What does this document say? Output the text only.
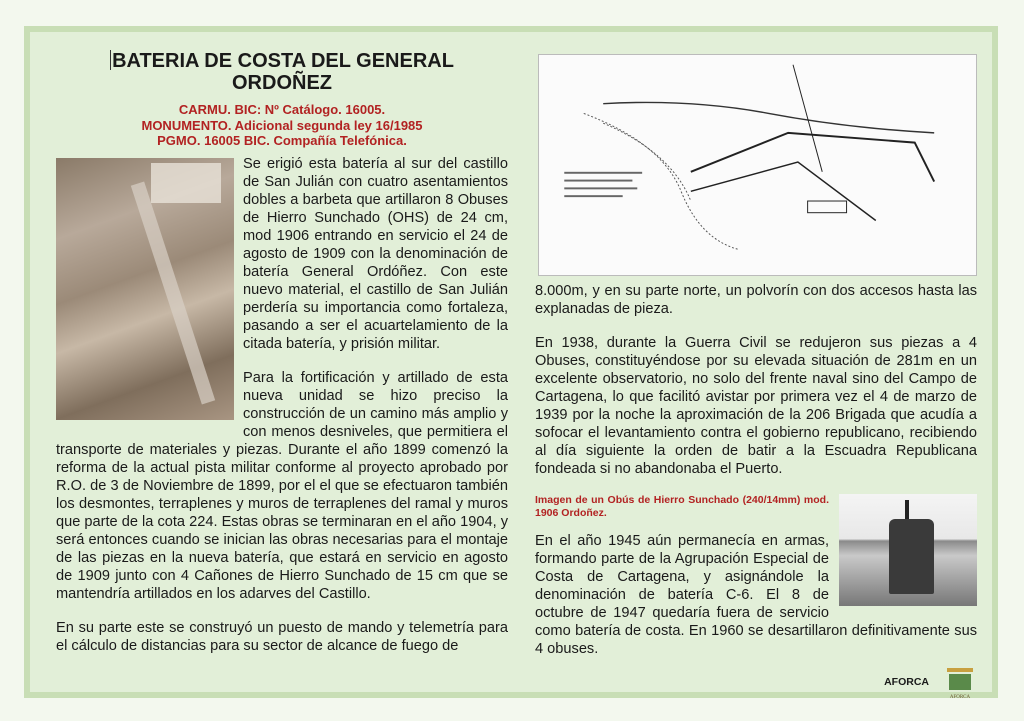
BATERIA DE COSTA DEL GENERAL
ORDOÑEZ
CARMU. BIC: Nº Catálogo. 16005.
MONUMENTO. Adicional segunda ley 16/1985
PGMO. 16005 BIC. Compañía Telefónica.

Se erigió esta batería al sur del castillo de San Julián con cuatro asentamientos dobles a barbeta que artillaron 8 Obuses de Hierro Sunchado (OHS) de 24 cm, mod 1906 entrando en servicio el 24 de agosto de 1909 con la denominación de batería General Ordóñez. Con este nuevo material, el castillo de San Julián perdería su importancia como fortaleza, pasando a ser el acuartelamiento de la citada batería, y prisión militar.

Para la fortificación y artillado de esta nueva unidad se hizo preciso la construcción de un camino más amplio y con menos desniveles, que permitiera el transporte de materiales y piezas. Durante el año 1899 comenzó la reforma de la actual pista militar conforme al proyecto aprobado por R.O. de 3 de Noviembre de 1899, por el el que se efectuaron también los desmontes, terraplenes y muros de terraplenes del ramal y muros que parte de la cota 224. Estas obras se terminaran en el año 1904, y será entonces cuando se inician las obras necesarias para el montaje de las piezas en la nueva batería, que estará en servicio en agosto de 1909 junto con 4 Cañones de Hierro Sunchado de 15 cm que se mantendría artillados en los adarves del Castillo.

En su parte este se construyó un puesto de mando y telemetría para el cálculo de distancias para su sector de alcance de fuego de

8.000m, y en su parte norte, un polvorín con dos accesos hasta las explanadas de pieza.

En 1938, durante la Guerra Civil se redujeron sus piezas a 4 Obuses, constituyéndose por su elevada situación de 281m en un excelente observatorio, no solo del frente naval sino del Campo de Cartagena, lo que facilitó avistar por primera vez el 4 de marzo de 1939 por la noche la aproximación de la 206 Brigada que acudía a sofocar el levantamiento contra el gobierno republicano, recibiendo al día siguiente la orden de batir a la Escuadra Republicana fondeada si no abandonaba el Puerto.

Imagen de un Obús de Hierro Sunchado (240/14mm) mod. 1906 Ordoñez.

En el año 1945 aún permanecía en armas, formando parte de la Agrupación Especial de Costa de Cartagena, y asignándole la denominación de batería C-6. El 8 de octubre de 1947 quedaría fuera de servicio como batería de costa. En 1960 se desartillaron definitivamente sus 4 obuses.

AFORCA
AFORCA
